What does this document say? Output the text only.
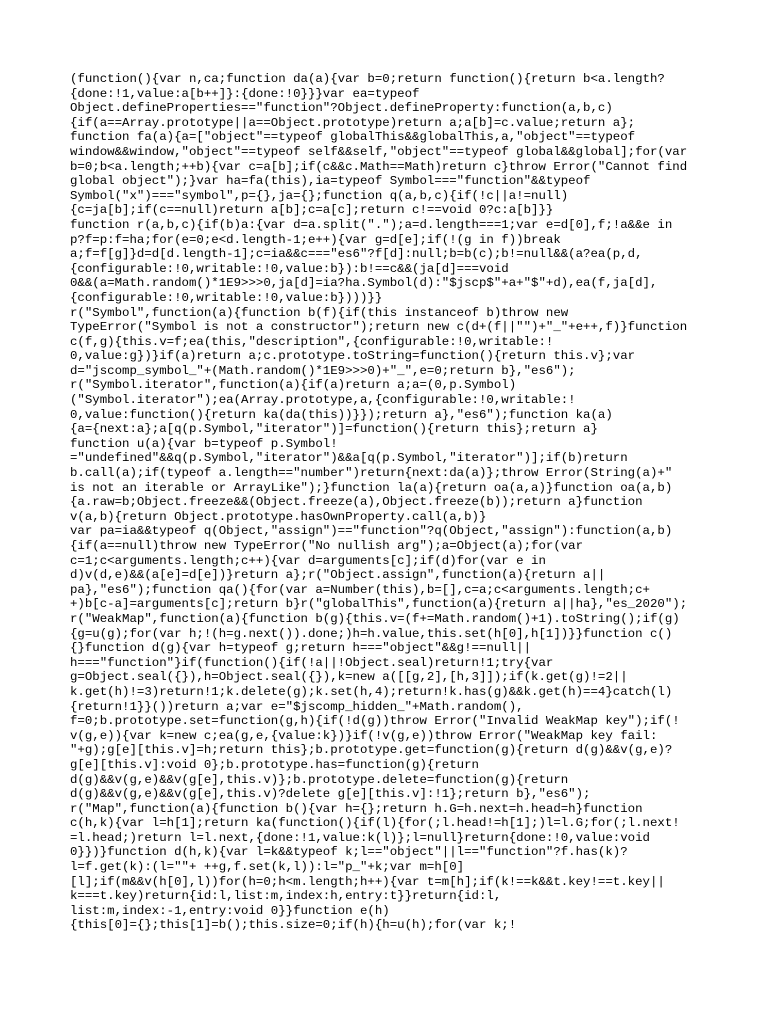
(function(){var n,ca;function da(a){var b=0;return function(){return b<a.length?
{done:!1,value:a[b++]}:{done:!0}}}var ea=typeof
Object.defineProperties=="function"?Object.defineProperty:function(a,b,c)
{if(a==Array.prototype||a==Object.prototype)return a;a[b]=c.value;return a};
function fa(a){a=["object"==typeof globalThis&&globalThis,a,"object"==typeof
window&&window,"object"==typeof self&&self,"object"==typeof global&&global];for(var
b=0;b<a.length;++b){var c=a[b];if(c&&c.Math==Math)return c}throw Error("Cannot find
global object");}var ha=fa(this),ia=typeof Symbol==="function"&&typeof
Symbol("x")==="symbol",p={},ja={};function q(a,b,c){if(!c||a!=null)
{c=ja[b];if(c==null)return a[b];c=a[c];return c!==void 0?c:a[b]}}
function r(a,b,c){if(b)a:{var d=a.split(".");a=d.length===1;var e=d[0],f;!a&&e in
p?f=p:f=ha;for(e=0;e<d.length-1;e++){var g=d[e];if(!(g in f))break
a;f=f[g]}d=d[d.length-1];c=ia&&c==="es6"?f[d]:null;b=b(c);b!=null&&(a?ea(p,d,
{configurable:!0,writable:!0,value:b}):b!==c&&(ja[d]===void
0&&(a=Math.random()*1E9>>>0,ja[d]=ia?ha.Symbol(d):"$jscp$"+a+"$"+d),ea(f,ja[d],
{configurable:!0,writable:!0,value:b})))}}
r("Symbol",function(a){function b(f){if(this instanceof b)throw new
TypeError("Symbol is not a constructor");return new c(d+(f||"")+"_"+e++,f)}function
c(f,g){this.v=f;ea(this,"description",{configurable:!0,writable:!
0,value:g})}if(a)return a;c.prototype.toString=function(){return this.v};var
d="jscomp_symbol_"+(Math.random()*1E9>>>0)+"_",e=0;return b},"es6");
r("Symbol.iterator",function(a){if(a)return a;a=(0,p.Symbol)
("Symbol.iterator");ea(Array.prototype,a,{configurable:!0,writable:!
0,value:function(){return ka(da(this))}});return a},"es6");function ka(a)
{a={next:a};a[q(p.Symbol,"iterator")]=function(){return this};return a}
function u(a){var b=typeof p.Symbol!
="undefined"&&q(p.Symbol,"iterator")&&a[q(p.Symbol,"iterator")];if(b)return
b.call(a);if(typeof a.length=="number")return{next:da(a)};throw Error(String(a)+"
is not an iterable or ArrayLike");}function la(a){return oa(a,a)}function oa(a,b)
{a.raw=b;Object.freeze&&(Object.freeze(a),Object.freeze(b));return a}function
v(a,b){return Object.prototype.hasOwnProperty.call(a,b)}
var pa=ia&&typeof q(Object,"assign")=="function"?q(Object,"assign"):function(a,b)
{if(a==null)throw new TypeError("No nullish arg");a=Object(a);for(var
c=1;c<arguments.length;c++){var d=arguments[c];if(d)for(var e in
d)v(d,e)&&(a[e]=d[e])}return a};r("Object.assign",function(a){return a||
pa},"es6");function qa(){for(var a=Number(this),b=[],c=a;c<arguments.length;c+
+)b[c-a]=arguments[c];return b}r("globalThis",function(a){return a||ha},"es_2020");
r("WeakMap",function(a){function b(g){this.v=(f+=Math.random()+1).toString();if(g)
{g=u(g);for(var h;!(h=g.next()).done;)h=h.value,this.set(h[0],h[1])}}function c()
{}function d(g){var h=typeof g;return h==="object"&&g!==null||
h==="function"}if(function(){if(!a||!Object.seal)return!1;try{var
g=Object.seal({}),h=Object.seal({}),k=new a([[g,2],[h,3]]);if(k.get(g)!=2||
k.get(h)!=3)return!1;k.delete(g);k.set(h,4);return!k.has(g)&&k.get(h)==4}catch(l)
{return!1}}())return a;var e="$jscomp_hidden_"+Math.random(),
f=0;b.prototype.set=function(g,h){if(!d(g))throw Error("Invalid WeakMap key");if(!
v(g,e)){var k=new c;ea(g,e,{value:k})}if(!v(g,e))throw Error("WeakMap key fail:
"+g);g[e][this.v]=h;return this};b.prototype.get=function(g){return d(g)&&v(g,e)?
g[e][this.v]:void 0};b.prototype.has=function(g){return
d(g)&&v(g,e)&&v(g[e],this.v)};b.prototype.delete=function(g){return
d(g)&&v(g,e)&&v(g[e],this.v)?delete g[e][this.v]:!1};return b},"es6");
r("Map",function(a){function b(){var h={};return h.G=h.next=h.head=h}function
c(h,k){var l=h[1];return ka(function(){if(l){for(;l.head!=h[1];)l=l.G;for(;l.next!
=l.head;)return l=l.next,{done:!1,value:k(l)};l=null}return{done:!0,value:void
0}})}function d(h,k){var l=k&&typeof k;l=="object"||l=="function"?f.has(k)?
l=f.get(k):(l=""+ ++g,f.set(k,l)):l="p_"+k;var m=h[0]
[l];if(m&&v(h[0],l))for(h=0;h<m.length;h++){var t=m[h];if(k!==k&&t.key!==t.key||
k===t.key)return{id:l,list:m,index:h,entry:t}}return{id:l,
list:m,index:-1,entry:void 0}}function e(h)
{this[0]={};this[1]=b();this.size=0;if(h){h=u(h);for(var k;!
